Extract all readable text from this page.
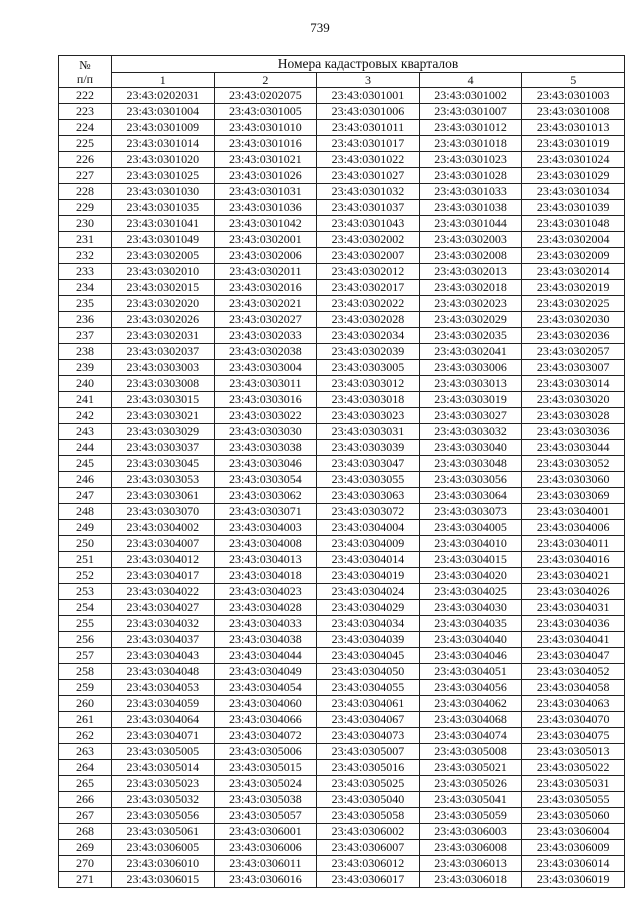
739
№
п/п	Номера кадастровых кварталов				
	1	2	3	4	5
222	23:43:0202031	23:43:0202075	23:43:0301001	23:43:0301002	23:43:0301003
223	23:43:0301004	23:43:0301005	23:43:0301006	23:43:0301007	23:43:0301008
224	23:43:0301009	23:43:0301010	23:43:0301011	23:43:0301012	23:43:0301013
225	23:43:0301014	23:43:0301016	23:43:0301017	23:43:0301018	23:43:0301019
226	23:43:0301020	23:43:0301021	23:43:0301022	23:43:0301023	23:43:0301024
227	23:43:0301025	23:43:0301026	23:43:0301027	23:43:0301028	23:43:0301029
228	23:43:0301030	23:43:0301031	23:43:0301032	23:43:0301033	23:43:0301034
229	23:43:0301035	23:43:0301036	23:43:0301037	23:43:0301038	23:43:0301039
230	23:43:0301041	23:43:0301042	23:43:0301043	23:43:0301044	23:43:0301048
231	23:43:0301049	23:43:0302001	23:43:0302002	23:43:0302003	23:43:0302004
232	23:43:0302005	23:43:0302006	23:43:0302007	23:43:0302008	23:43:0302009
233	23:43:0302010	23:43:0302011	23:43:0302012	23:43:0302013	23:43:0302014
234	23:43:0302015	23:43:0302016	23:43:0302017	23:43:0302018	23:43:0302019
235	23:43:0302020	23:43:0302021	23:43:0302022	23:43:0302023	23:43:0302025
236	23:43:0302026	23:43:0302027	23:43:0302028	23:43:0302029	23:43:0302030
237	23:43:0302031	23:43:0302033	23:43:0302034	23:43:0302035	23:43:0302036
238	23:43:0302037	23:43:0302038	23:43:0302039	23:43:0302041	23:43:0302057
239	23:43:0303003	23:43:0303004	23:43:0303005	23:43:0303006	23:43:0303007
240	23:43:0303008	23:43:0303011	23:43:0303012	23:43:0303013	23:43:0303014
241	23:43:0303015	23:43:0303016	23:43:0303018	23:43:0303019	23:43:0303020
242	23:43:0303021	23:43:0303022	23:43:0303023	23:43:0303027	23:43:0303028
243	23:43:0303029	23:43:0303030	23:43:0303031	23:43:0303032	23:43:0303036
244	23:43:0303037	23:43:0303038	23:43:0303039	23:43:0303040	23:43:0303044
245	23:43:0303045	23:43:0303046	23:43:0303047	23:43:0303048	23:43:0303052
246	23:43:0303053	23:43:0303054	23:43:0303055	23:43:0303056	23:43:0303060
247	23:43:0303061	23:43:0303062	23:43:0303063	23:43:0303064	23:43:0303069
248	23:43:0303070	23:43:0303071	23:43:0303072	23:43:0303073	23:43:0304001
249	23:43:0304002	23:43:0304003	23:43:0304004	23:43:0304005	23:43:0304006
250	23:43:0304007	23:43:0304008	23:43:0304009	23:43:0304010	23:43:0304011
251	23:43:0304012	23:43:0304013	23:43:0304014	23:43:0304015	23:43:0304016
252	23:43:0304017	23:43:0304018	23:43:0304019	23:43:0304020	23:43:0304021
253	23:43:0304022	23:43:0304023	23:43:0304024	23:43:0304025	23:43:0304026
254	23:43:0304027	23:43:0304028	23:43:0304029	23:43:0304030	23:43:0304031
255	23:43:0304032	23:43:0304033	23:43:0304034	23:43:0304035	23:43:0304036
256	23:43:0304037	23:43:0304038	23:43:0304039	23:43:0304040	23:43:0304041
257	23:43:0304043	23:43:0304044	23:43:0304045	23:43:0304046	23:43:0304047
258	23:43:0304048	23:43:0304049	23:43:0304050	23:43:0304051	23:43:0304052
259	23:43:0304053	23:43:0304054	23:43:0304055	23:43:0304056	23:43:0304058
260	23:43:0304059	23:43:0304060	23:43:0304061	23:43:0304062	23:43:0304063
261	23:43:0304064	23:43:0304066	23:43:0304067	23:43:0304068	23:43:0304070
262	23:43:0304071	23:43:0304072	23:43:0304073	23:43:0304074	23:43:0304075
263	23:43:0305005	23:43:0305006	23:43:0305007	23:43:0305008	23:43:0305013
264	23:43:0305014	23:43:0305015	23:43:0305016	23:43:0305021	23:43:0305022
265	23:43:0305023	23:43:0305024	23:43:0305025	23:43:0305026	23:43:0305031
266	23:43:0305032	23:43:0305038	23:43:0305040	23:43:0305041	23:43:0305055
267	23:43:0305056	23:43:0305057	23:43:0305058	23:43:0305059	23:43:0305060
268	23:43:0305061	23:43:0306001	23:43:0306002	23:43:0306003	23:43:0306004
269	23:43:0306005	23:43:0306006	23:43:0306007	23:43:0306008	23:43:0306009
270	23:43:0306010	23:43:0306011	23:43:0306012	23:43:0306013	23:43:0306014
271	23:43:0306015	23:43:0306016	23:43:0306017	23:43:0306018	23:43:0306019
